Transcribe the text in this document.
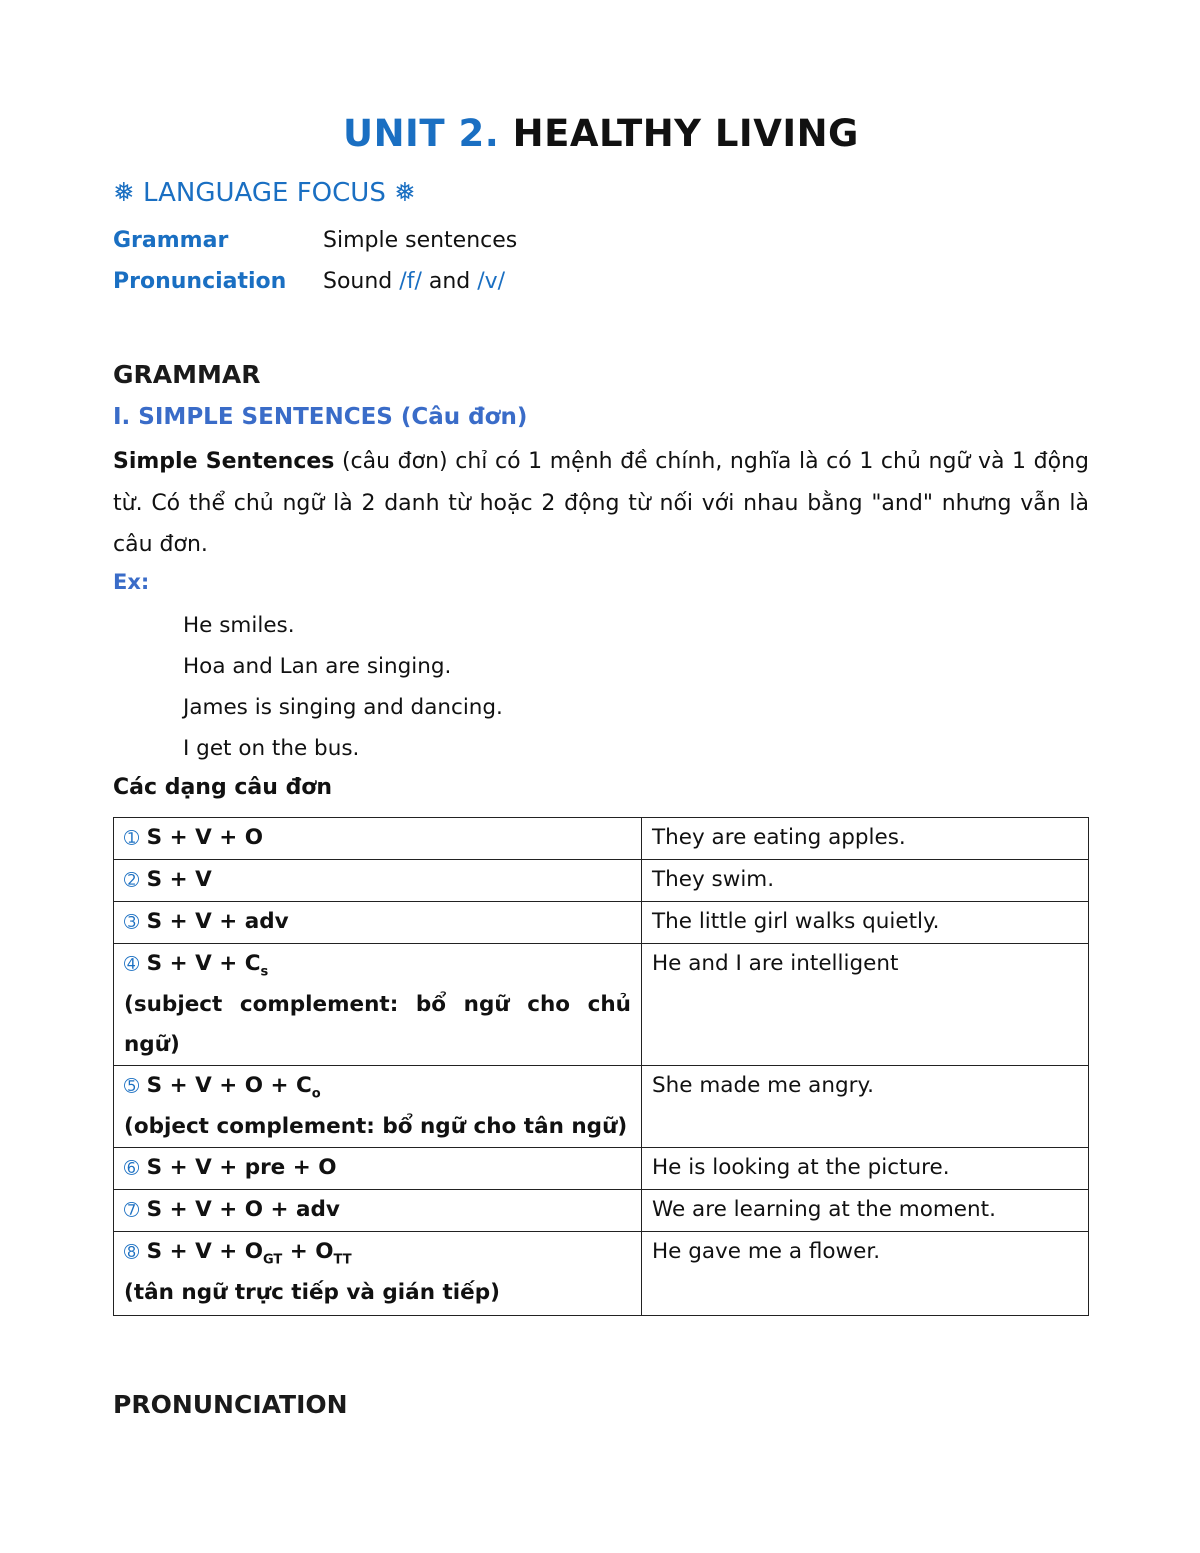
UNIT 2. HEALTHY LIVING
❅ LANGUAGE FOCUS ❅
Grammar	Simple sentences
Pronunciation Sound /f/ and /v/
GRAMMAR
I. SIMPLE SENTENCES (Câu đơn)
Simple Sentences (câu đơn) chỉ có 1 mệnh đề chính, nghĩa là có 1 chủ ngữ và 1 động từ. Có thể chủ ngữ là 2 danh từ hoặc 2 động từ nối với nhau bằng "and" nhưng vẫn là câu đơn.
Ex:
He smiles.
Hoa and Lan are singing.
James is singing and dancing.
I get on the bus.
Các dạng câu đơn
➀ S + V + O	They are eating apples.
➁ S + V	They swim.
➂ S + V + adv	The little girl walks quietly.
➃ $S + V + C_s$
(subject complement: bổ ngữ cho chủ ngữ)	He and I are intelligent
➄ $S + V + O + C_o$
(object complement: bổ ngữ cho tân ngữ)	She made me angry.
➅ S + V + pre + O	He is looking at the picture.
➆ S + V + O + adv	We are learning at the moment.
➇ $S + V + O_{GT} + O_{TT}$
(tân ngữ trực tiếp và gián tiếp)	He gave me a flower.
PRONUNCIATION
